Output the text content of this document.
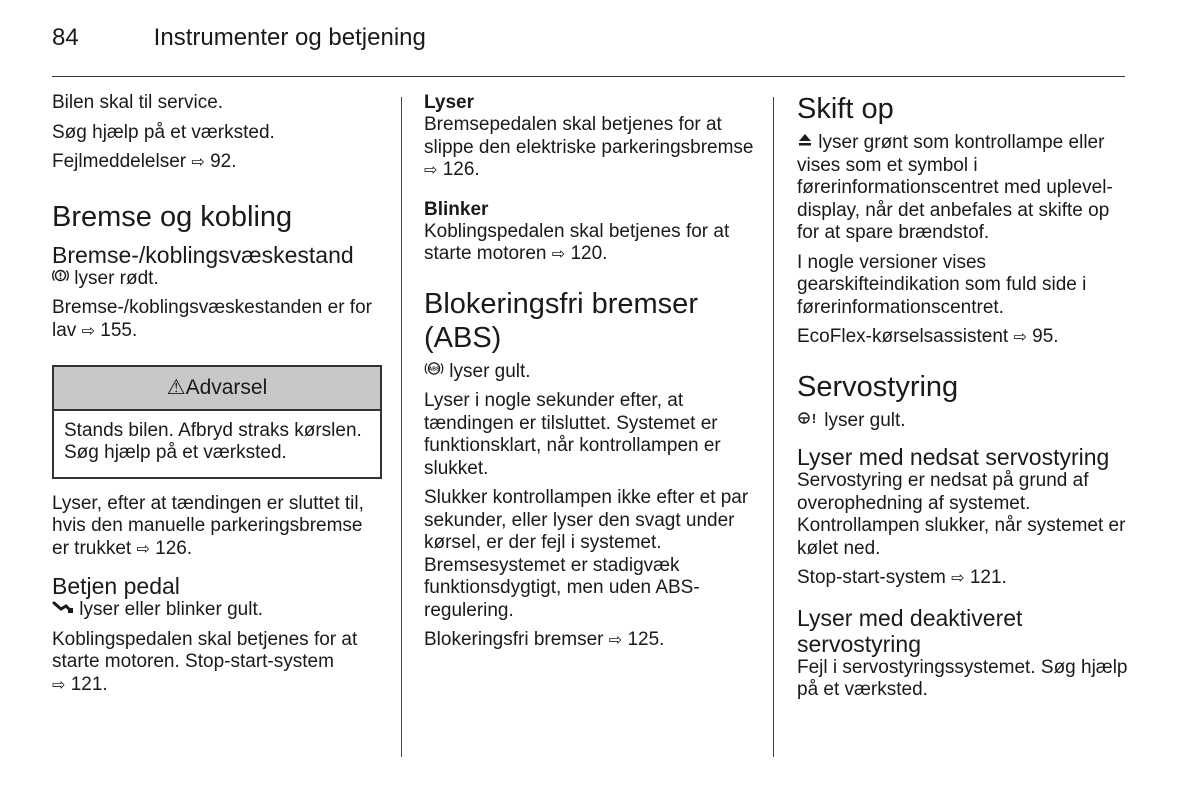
84	Instrumenter og betjening

Bilen skal til service.

Søg hjælp på et værksted.

Fejlmeddelelser ⇨ 92.

Bremse og kobling
Bremse-/koblingsvæskestand

lyser rødt.

Bremse-/koblingsvæskestanden er for lav ⇨ 155.

⚠Advarsel
Stands bilen. Afbryd straks kørslen. Søg hjælp på et værksted.

Lyser, efter at tændingen er sluttet til, hvis den manuelle parkeringsbremse er trukket ⇨ 126.

Betjen pedal

lyser eller blinker gult.

Koblingspedalen skal betjenes for at starte motoren. Stop-start-system
⇨ 121.

Lyser

Bremsepedalen skal betjenes for at slippe den elektriske parkeringsbremse ⇨ 126.

Blinker

Koblingspedalen skal betjenes for at starte motoren ⇨ 120.

Blokeringsfri bremser (ABS)

ABS lyser gult.

Lyser i nogle sekunder efter, at tændingen er tilsluttet. Systemet er funktionsklart, når kontrollampen er slukket.

Slukker kontrollampen ikke efter et par sekunder, eller lyser den svagt under kørsel, er der fejl i systemet. Bremsesystemet er stadigvæk funktionsdygtigt, men uden ABS-regulering.

Blokeringsfri bremser ⇨ 125.

Skift op

lyser grønt som kontrollampe eller vises som et symbol i førerinformationscentret med uplevel-display, når det anbefales at skifte op for at spare brændstof.

I nogle versioner vises gearskifteindikation som fuld side i førerinformationscentret.

EcoFlex-kørselsassistent ⇨ 95.

Servostyring

! lyser gult.

Lyser med nedsat servostyring

Servostyring er nedsat på grund af overophedning af systemet. Kontrollampen slukker, når systemet er kølet ned.

Stop-start-system ⇨ 121.

Lyser med deaktiveret servostyring

Fejl i servostyringssystemet. Søg hjælp på et værksted.
